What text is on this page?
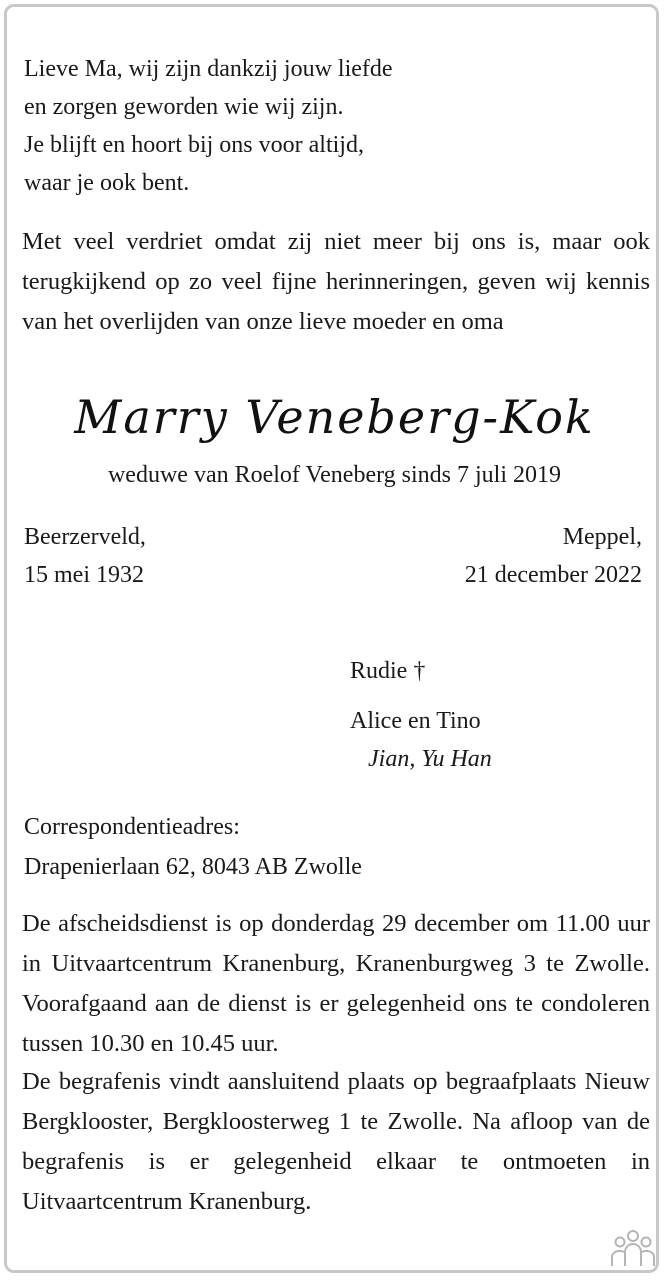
Lieve Ma, wij zijn dankzij jouw liefde
en zorgen geworden wie wij zijn.
Je blijft en hoort bij ons voor altijd,
waar je ook bent.
Met veel verdriet omdat zij niet meer bij ons is, maar ook terugkijkend op zo veel fijne herinneringen, geven wij kennis van het overlijden van onze lieve moeder en oma
Marry Veneberg-Kok
weduwe van Roelof Veneberg sinds 7 juli 2019
Beerzerveld,
15 mei 1932
Meppel,
21 december 2022
Rudie †
Alice en Tino
Jian, Yu Han
Correspondentieadres:
Drapenierlaan 62, 8043 AB Zwolle
De afscheidsdienst is op donderdag 29 december om 11.00 uur in Uitvaartcentrum Kranenburg, Kranenburgweg 3 te Zwolle. Voorafgaand aan de dienst is er gelegenheid ons te condoleren tussen 10.30 en 10.45 uur.
De begrafenis vindt aansluitend plaats op begraafplaats Nieuw Bergklooster, Bergkloosterweg 1 te Zwolle. Na afloop van de begrafenis is er gelegenheid elkaar te ontmoeten in Uitvaartcentrum Kranenburg.
